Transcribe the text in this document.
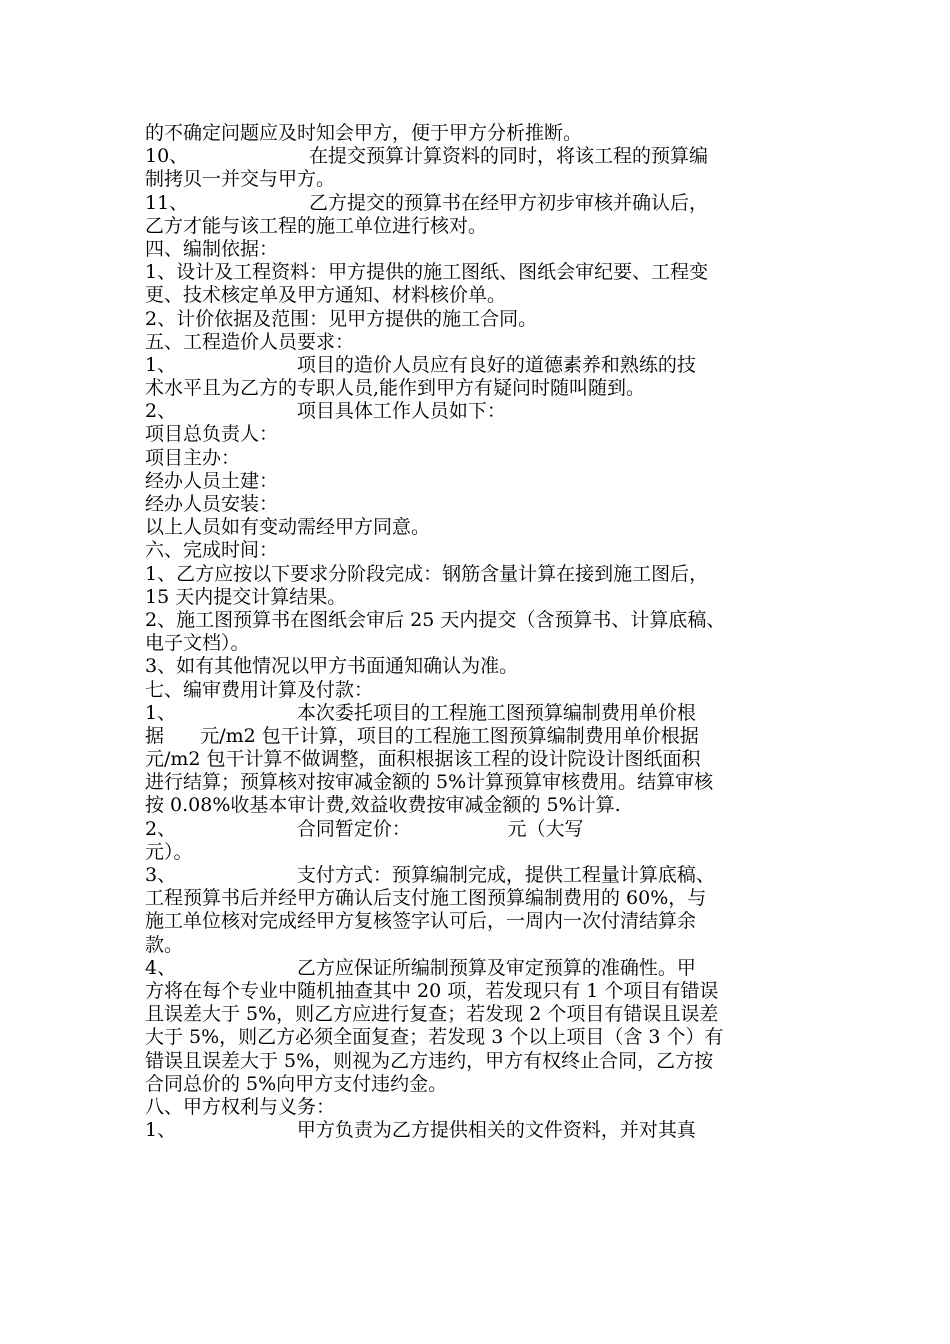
的不确定问题应及时知会甲方，便于甲方分析推断。
10、                    在提交预算计算资料的同时，将该工程的预算编
制拷贝一并交与甲方。
11、                    乙方提交的预算书在经甲方初步审核并确认后，
乙方才能与该工程的施工单位进行核对。
四、编制依据：
1、设计及工程资料：甲方提供的施工图纸、图纸会审纪要、工程变
更、技术核定单及甲方通知、材料核价单。
2、计价依据及范围：见甲方提供的施工合同。
五、工程造价人员要求：
1、                    项目的造价人员应有良好的道德素养和熟练的技
术水平且为乙方的专职人员,能作到甲方有疑问时随叫随到。
2、                    项目具体工作人员如下：
项目总负责人：
项目主办：
经办人员土建：
经办人员安装：
以上人员如有变动需经甲方同意。
六、完成时间：
1、乙方应按以下要求分阶段完成：钢筋含量计算在接到施工图后，
15 天内提交计算结果。
2、施工图预算书在图纸会审后 25 天内提交（含预算书、计算底稿、
电子文档）。
3、如有其他情况以甲方书面通知确认为准。
七、编审费用计算及付款：
1、                    本次委托项目的工程施工图预算编制费用单价根
据      元/m2 包干计算，项目的工程施工图预算编制费用单价根据
元/m2 包干计算不做调整，面积根据该工程的设计院设计图纸面积
进行结算；预算核对按审减金额的 5%计算预算审核费用。结算审核
按 0.08%收基本审计费,效益收费按审减金额的 5%计算.
2、                    合同暂定价：                元（大写
元）。
3、                    支付方式：预算编制完成，提供工程量计算底稿、
工程预算书后并经甲方确认后支付施工图预算编制费用的 60%，与
施工单位核对完成经甲方复核签字认可后，一周内一次付清结算余
款。
4、                    乙方应保证所编制预算及审定预算的准确性。甲
方将在每个专业中随机抽查其中 20 项，若发现只有 1 个项目有错误
且误差大于 5%，则乙方应进行复查；若发现 2 个项目有错误且误差
大于 5%，则乙方必须全面复查；若发现 3 个以上项目（含 3 个）有
错误且误差大于 5%，则视为乙方违约，甲方有权终止合同，乙方按
合同总价的 5%向甲方支付违约金。
八、甲方权利与义务：
1、                    甲方负责为乙方提供相关的文件资料，并对其真
